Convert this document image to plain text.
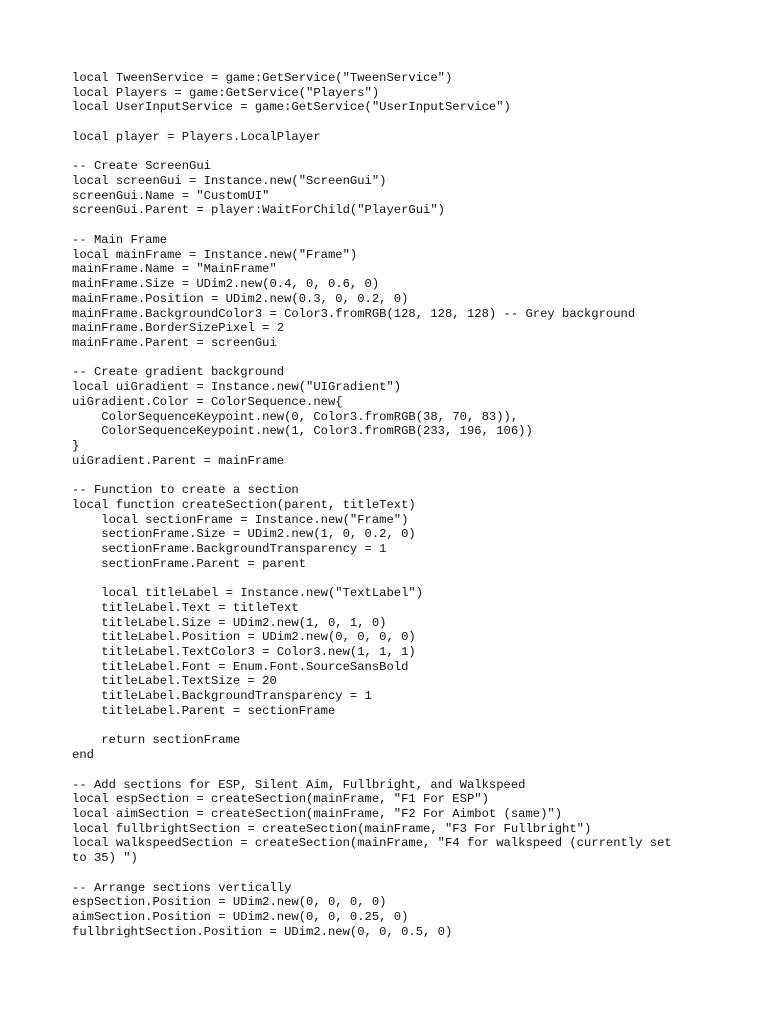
local TweenService = game:GetService("TweenService")
local Players = game:GetService("Players")
local UserInputService = game:GetService("UserInputService")
local player = Players.LocalPlayer
-- Create ScreenGui
local screenGui = Instance.new("ScreenGui")
screenGui.Name = "CustomUI"
screenGui.Parent = player:WaitForChild("PlayerGui")
-- Main Frame
local mainFrame = Instance.new("Frame")
mainFrame.Name = "MainFrame"
mainFrame.Size = UDim2.new(0.4, 0, 0.6, 0)
mainFrame.Position = UDim2.new(0.3, 0, 0.2, 0)
mainFrame.BackgroundColor3 = Color3.fromRGB(128, 128, 128) -- Grey background
mainFrame.BorderSizePixel = 2
mainFrame.Parent = screenGui
-- Create gradient background
local uiGradient = Instance.new("UIGradient")
uiGradient.Color = ColorSequence.new{
ColorSequenceKeypoint.new(0, Color3.fromRGB(38, 70, 83)),
ColorSequenceKeypoint.new(1, Color3.fromRGB(233, 196, 106))
}
uiGradient.Parent = mainFrame
-- Function to create a section
local function createSection(parent, titleText)
local sectionFrame = Instance.new("Frame")
sectionFrame.Size = UDim2.new(1, 0, 0.2, 0)
sectionFrame.BackgroundTransparency = 1
sectionFrame.Parent = parent
local titleLabel = Instance.new("TextLabel")
titleLabel.Text = titleText
titleLabel.Size = UDim2.new(1, 0, 1, 0)
titleLabel.Position = UDim2.new(0, 0, 0, 0)
titleLabel.TextColor3 = Color3.new(1, 1, 1)
titleLabel.Font = Enum.Font.SourceSansBold
titleLabel.TextSize = 20
titleLabel.BackgroundTransparency = 1
titleLabel.Parent = sectionFrame
return sectionFrame
end
-- Add sections for ESP, Silent Aim, Fullbright, and Walkspeed
local espSection = createSection(mainFrame, "F1 For ESP")
local aimSection = createSection(mainFrame, "F2 For Aimbot (same)")
local fullbrightSection = createSection(mainFrame, "F3 For Fullbright")
local walkspeedSection = createSection(mainFrame, "F4 for walkspeed (currently set
to 35) ")
-- Arrange sections vertically
espSection.Position = UDim2.new(0, 0, 0, 0)
aimSection.Position = UDim2.new(0, 0, 0.25, 0)
fullbrightSection.Position = UDim2.new(0, 0, 0.5, 0)
